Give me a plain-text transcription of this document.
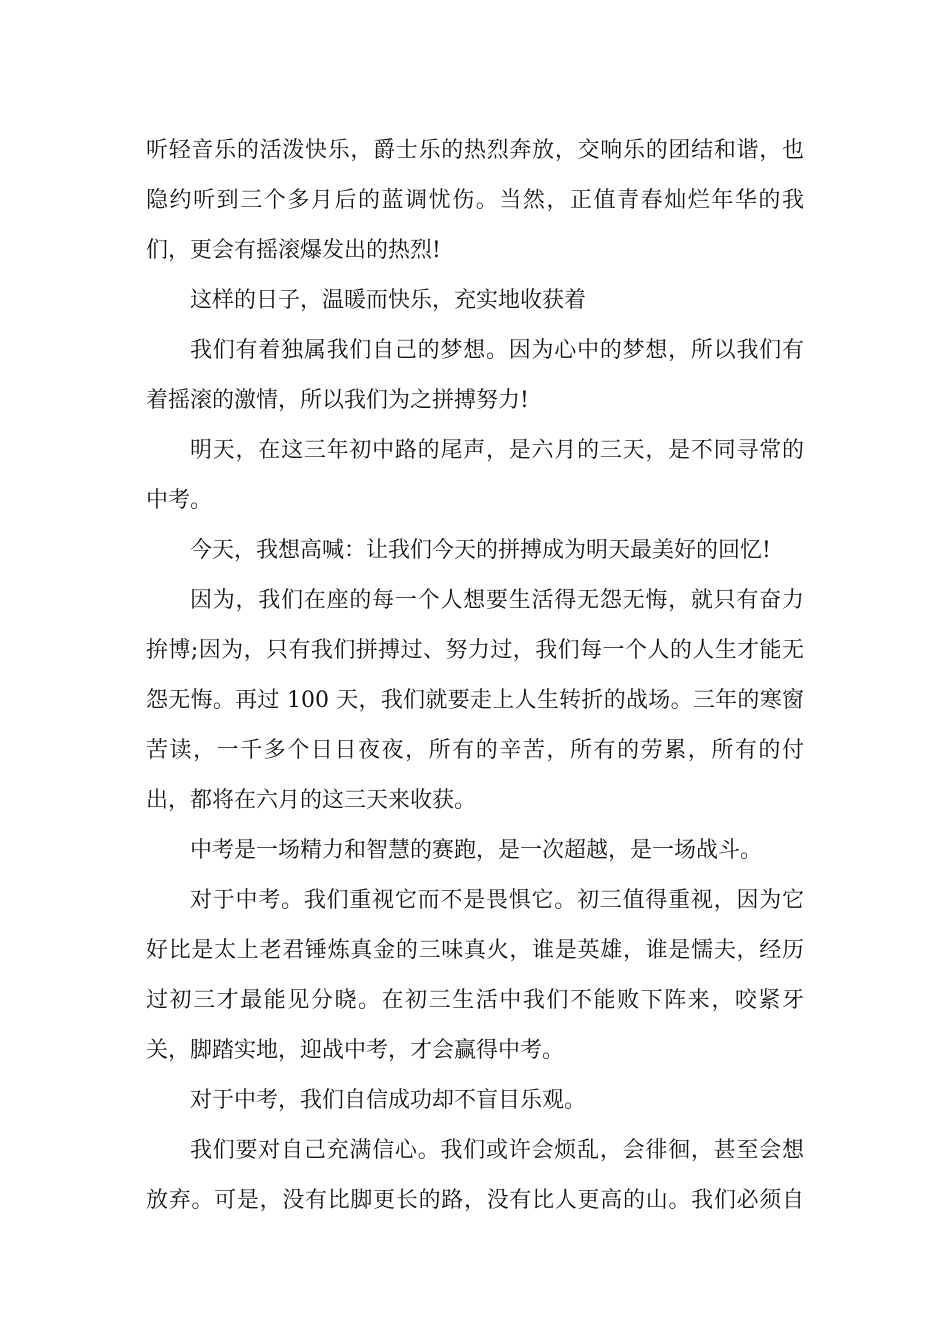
听轻音乐的活泼快乐，爵士乐的热烈奔放，交响乐的团结和谐，也
隐约听到三个多月后的蓝调忧伤。当然，正值青春灿烂年华的我
们，更会有摇滚爆发出的热烈!
这样的日子，温暖而快乐，充实地收获着
我们有着独属我们自己的梦想。因为心中的梦想，所以我们有
着摇滚的激情，所以我们为之拼搏努力!
明天，在这三年初中路的尾声，是六月的三天，是不同寻常的
中考。
今天，我想高喊：让我们今天的拼搏成为明天最美好的回忆!
因为，我们在座的每一个人想要生活得无怨无悔，就只有奋力
拚博;因为，只有我们拼搏过、努力过，我们每一个人的人生才能无
怨无悔。再过 100 天，我们就要走上人生转折的战场。三年的寒窗
苦读，一千多个日日夜夜，所有的辛苦，所有的劳累，所有的付
出，都将在六月的这三天来收获。
中考是一场精力和智慧的赛跑，是一次超越，是一场战斗。
对于中考。我们重视它而不是畏惧它。初三值得重视，因为它
好比是太上老君锤炼真金的三味真火，谁是英雄，谁是懦夫，经历
过初三才最能见分晓。在初三生活中我们不能败下阵来，咬紧牙
关，脚踏实地，迎战中考，才会赢得中考。
对于中考，我们自信成功却不盲目乐观。
我们要对自己充满信心。我们或许会烦乱，会徘徊，甚至会想
放弃。可是，没有比脚更长的路，没有比人更高的山。我们必须自
